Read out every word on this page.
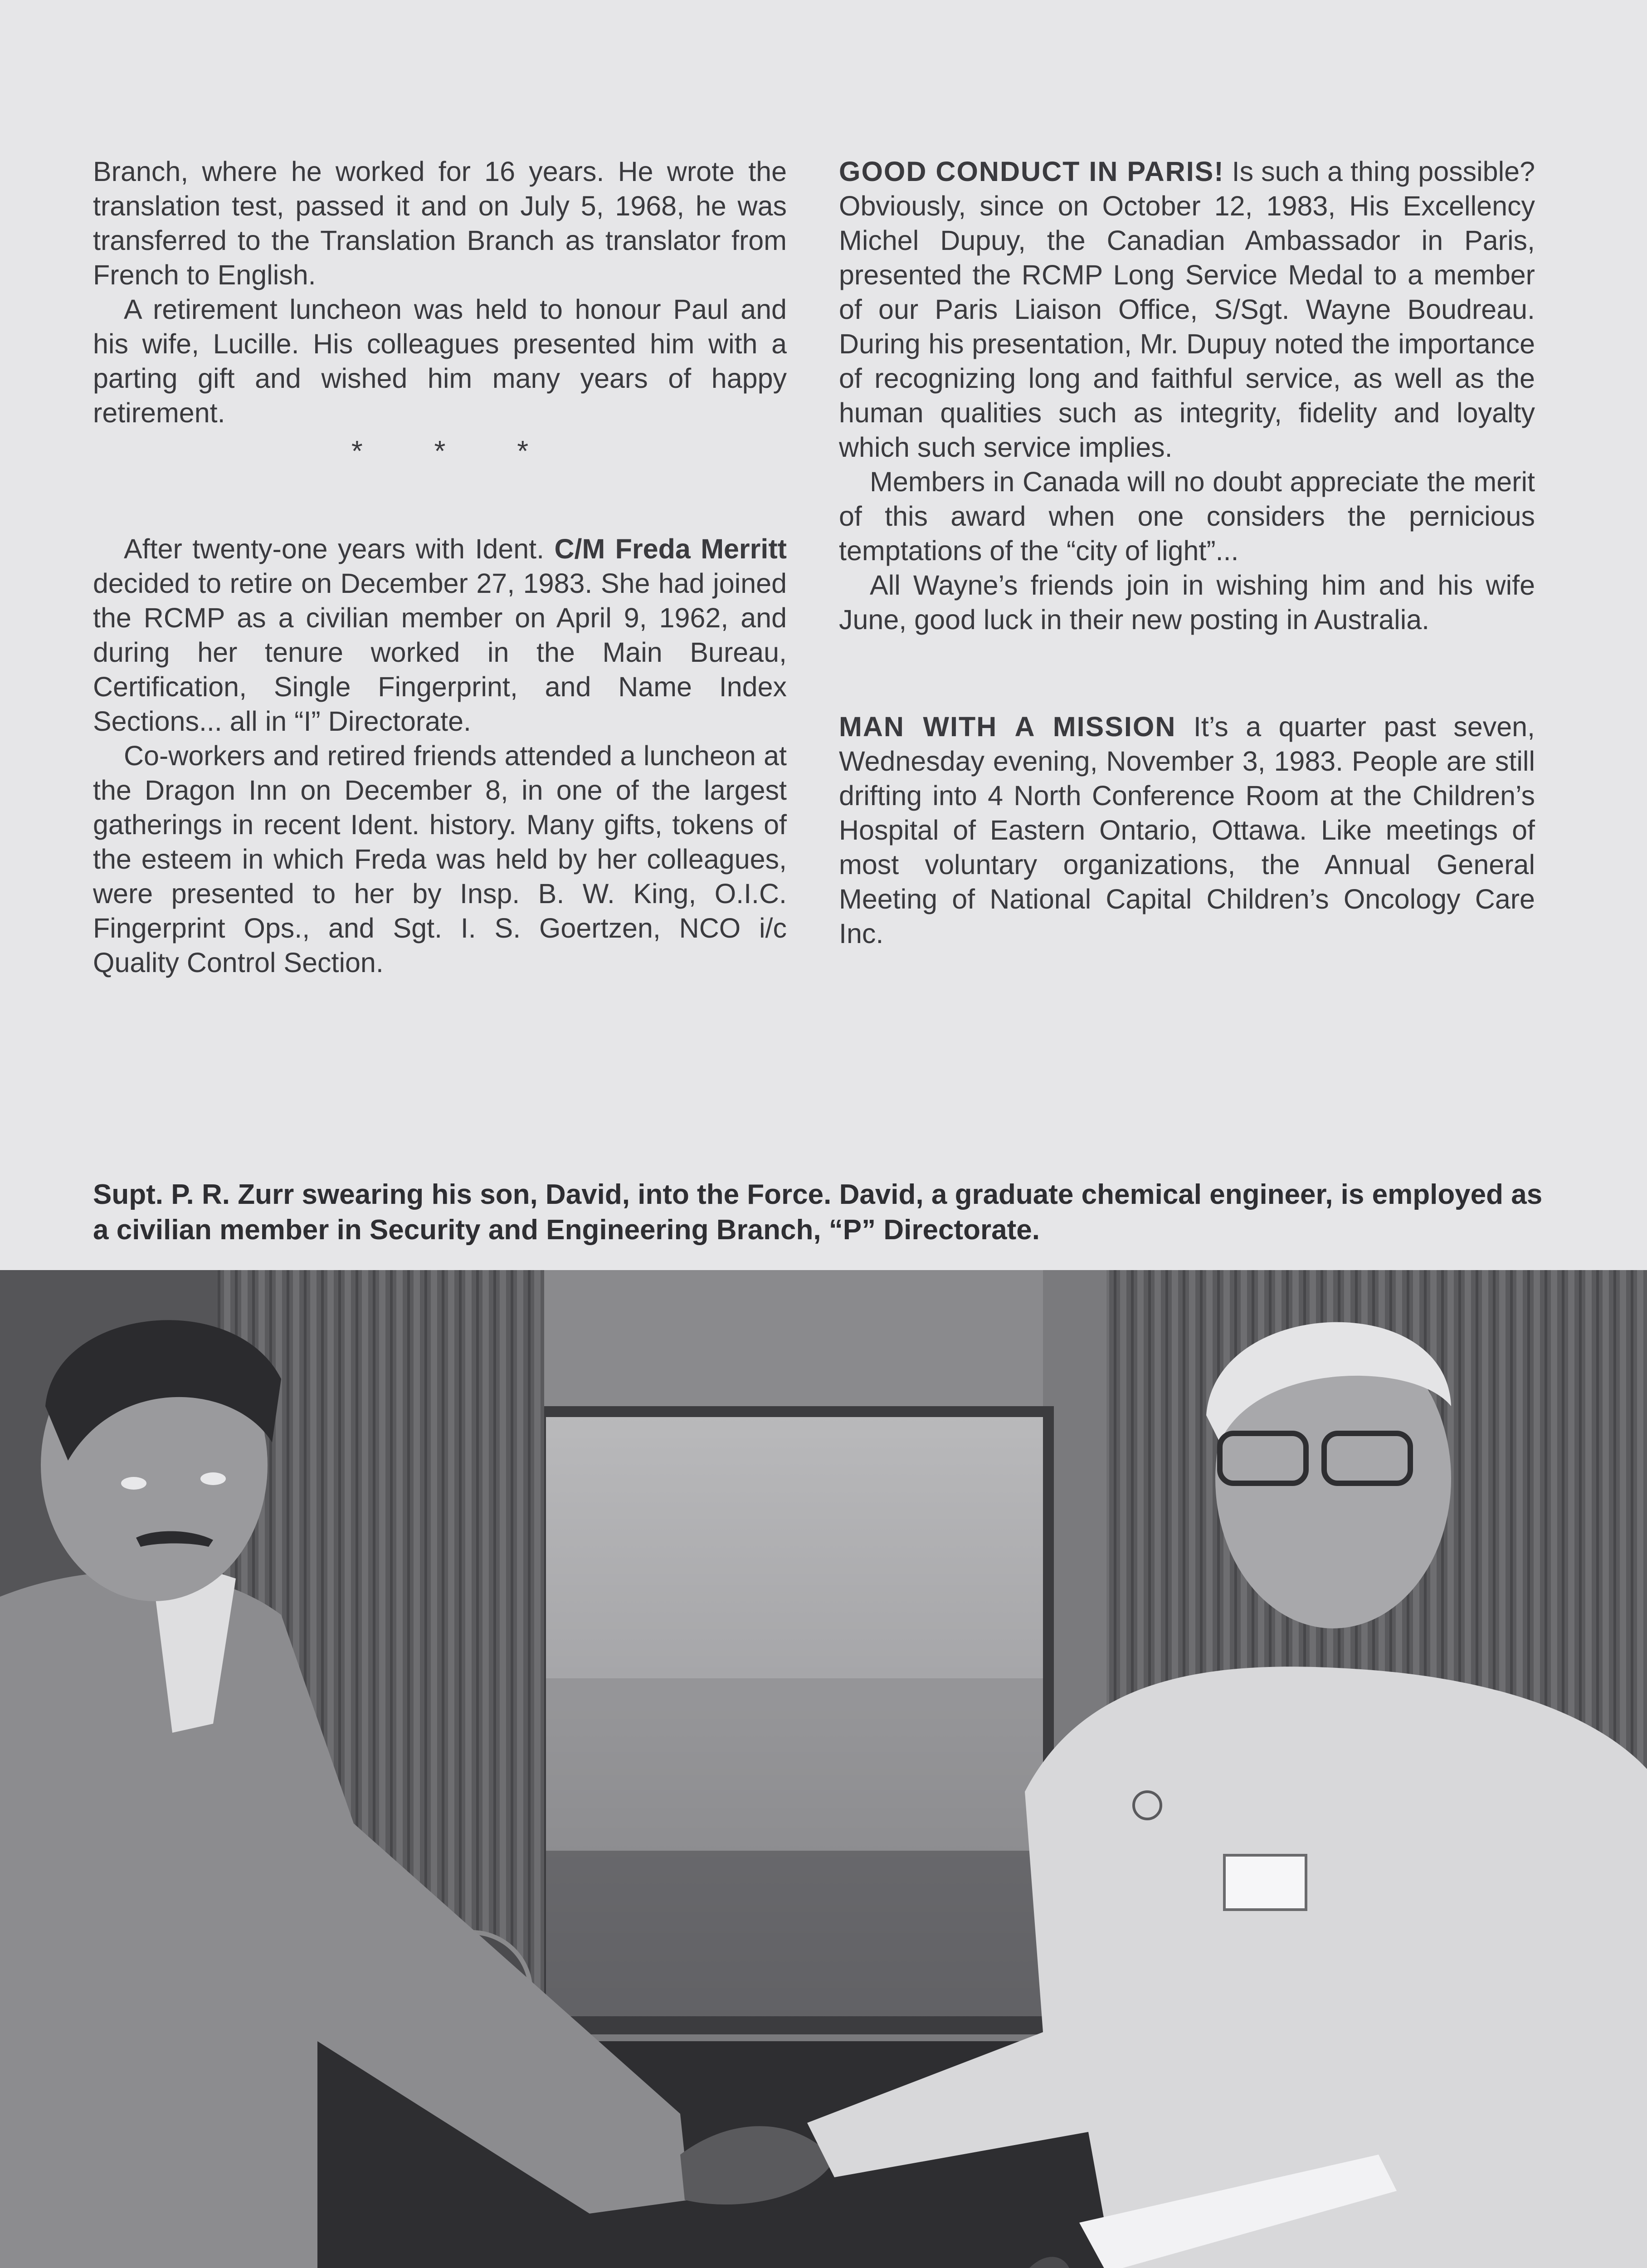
Branch, where he worked for 16 years. He wrote the translation test, passed it and on July 5, 1968, he was transferred to the Translation Branch as translator from French to English.

A retirement luncheon was held to honour Paul and his wife, Lucille. His colleagues presented him with a parting gift and wished him many years of happy retirement.

* * *

After twenty-one years with Ident. C/M Freda Merritt decided to retire on December 27, 1983. She had joined the RCMP as a civilian member on April 9, 1962, and during her tenure worked in the Main Bureau, Certification, Single Fingerprint, and Name Index Sections... all in “I” Directorate.

Co-workers and retired friends attended a luncheon at the Dragon Inn on December 8, in one of the largest gatherings in recent Ident. history. Many gifts, tokens of the esteem in which Freda was held by her colleagues, were presented to her by Insp. B. W. King, O.I.C. Fingerprint Ops., and Sgt. I. S. Goertzen, NCO i/c Quality Control Section.

GOOD CONDUCT IN PARIS! Is such a thing possible? Obviously, since on October 12, 1983, His Excellency Michel Dupuy, the Canadian Ambassador in Paris, presented the RCMP Long Service Medal to a member of our Paris Liaison Office, S/Sgt. Wayne Boudreau. During his presentation, Mr. Dupuy noted the importance of recognizing long and faithful service, as well as the human qualities such as integrity, fidelity and loyalty which such service implies.

Members in Canada will no doubt appreciate the merit of this award when one considers the pernicious temptations of the “city of light”...

All Wayne’s friends join in wishing him and his wife June, good luck in their new posting in Australia.

MAN WITH A MISSION It’s a quarter past seven, Wednesday evening, November 3, 1983. People are still drifting into 4 North Conference Room at the Children’s Hospital of Eastern Ontario, Ottawa. Like meetings of most voluntary organizations, the Annual General Meeting of National Capital Children’s Oncology Care Inc.

Supt. P. R. Zurr swearing his son, David, into the Force. David, a graduate chemical engineer, is employed as a civilian member in Security and Engineering Branch, “P” Directorate.
